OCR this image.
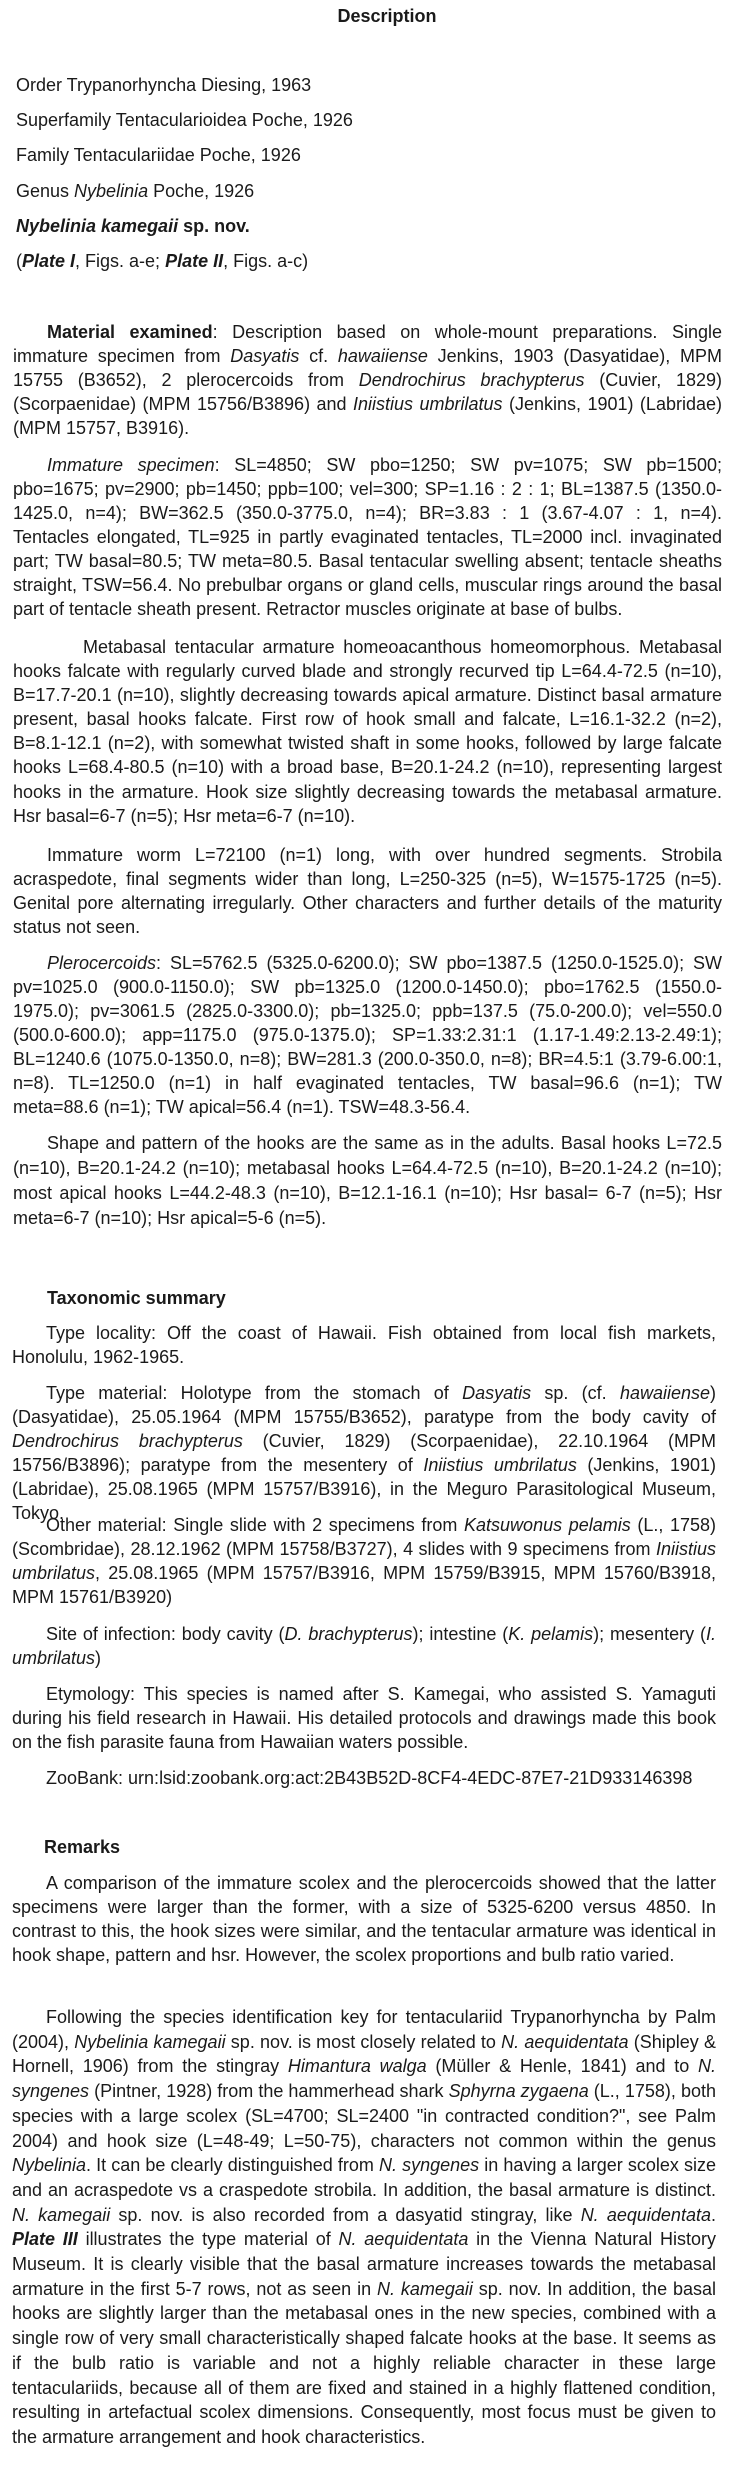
Description
Order Trypanorhyncha Diesing, 1963
Superfamily Tentacularioidea Poche, 1926
Family Tentaculariidae Poche, 1926
Genus Nybelinia Poche, 1926
Nybelinia kamegaii sp. nov.
(Plate I, Figs. a-e; Plate II, Figs. a-c)

Material examined: Description based on whole-mount preparations. Single immature specimen from Dasyatis cf. hawaiiense Jenkins, 1903 (Dasyatidae), MPM 15755 (B3652), 2 plerocercoids from Dendrochirus brachypterus (Cuvier, 1829) (Scorpaenidae) (MPM 15756/B3896) and Iniistius umbrilatus (Jenkins, 1901) (Labridae) (MPM 15757, B3916).

Immature specimen: SL=4850; SW pbo=1250; SW pv=1075; SW pb=1500; pbo=1675; pv=2900; pb=1450; ppb=100; vel=300; SP=1.16 : 2 : 1; BL=1387.5 (1350.0-1425.0, n=4); BW=362.5 (350.0-3775.0, n=4); BR=3.83 : 1 (3.67-4.07 : 1, n=4). Tentacles elongated, TL=925 in partly evaginated tentacles, TL=2000 incl. invaginated part; TW basal=80.5; TW meta=80.5. Basal tentacular swelling absent; tentacle sheaths straight, TSW=56.4. No prebulbar organs or gland cells, muscular rings around the basal part of tentacle sheath present. Retractor muscles originate at base of bulbs.

Metabasal tentacular armature homeoacanthous homeomorphous. Metabasal hooks falcate with regularly curved blade and strongly recurved tip L=64.4-72.5 (n=10), B=17.7-20.1 (n=10), slightly decreasing towards apical armature. Distinct basal armature present, basal hooks falcate. First row of hook small and falcate, L=16.1-32.2 (n=2), B=8.1-12.1 (n=2), with somewhat twisted shaft in some hooks, followed by large falcate hooks L=68.4-80.5 (n=10) with a broad base, B=20.1-24.2 (n=10), representing largest hooks in the armature. Hook size slightly decreasing towards the metabasal armature. Hsr basal=6-7 (n=5); Hsr meta=6-7 (n=10).

Immature worm L=72100 (n=1) long, with over hundred segments. Strobila acraspedote, final segments wider than long, L=250-325 (n=5), W=1575-1725 (n=5). Genital pore alternating irregularly. Other characters and further details of the maturity status not seen.

Plerocercoids: SL=5762.5 (5325.0-6200.0); SW pbo=1387.5 (1250.0-1525.0); SW pv=1025.0 (900.0-1150.0); SW pb=1325.0 (1200.0-1450.0); pbo=1762.5 (1550.0-1975.0); pv=3061.5 (2825.0-3300.0); pb=1325.0; ppb=137.5 (75.0-200.0); vel=550.0 (500.0-600.0); app=1175.0 (975.0-1375.0); SP=1.33:2.31:1 (1.17-1.49:2.13-2.49:1); BL=1240.6 (1075.0-1350.0, n=8); BW=281.3 (200.0-350.0, n=8); BR=4.5:1 (3.79-6.00:1, n=8). TL=1250.0 (n=1) in half evaginated tentacles, TW basal=96.6 (n=1); TW meta=88.6 (n=1); TW apical=56.4 (n=1). TSW=48.3-56.4.

Shape and pattern of the hooks are the same as in the adults. Basal hooks L=72.5 (n=10), B=20.1-24.2 (n=10); metabasal hooks L=64.4-72.5 (n=10), B=20.1-24.2 (n=10); most apical hooks L=44.2-48.3 (n=10), B=12.1-16.1 (n=10); Hsr basal= 6-7 (n=5); Hsr meta=6-7 (n=10); Hsr apical=5-6 (n=5).

Taxonomic summary

Type locality: Off the coast of Hawaii. Fish obtained from local fish markets, Honolulu, 1962-1965.

Type material: Holotype from the stomach of Dasyatis sp. (cf. hawaiiense) (Dasyatidae), 25.05.1964 (MPM 15755/B3652), paratype from the body cavity of Dendrochirus brachypterus (Cuvier, 1829) (Scorpaenidae), 22.10.1964 (MPM 15756/B3896); paratype from the mesentery of Iniistius umbrilatus (Jenkins, 1901) (Labridae), 25.08.1965 (MPM 15757/B3916), in the Meguro Parasitological Museum, Tokyo.

Other material: Single slide with 2 specimens from Katsuwonus pelamis (L., 1758) (Scombridae), 28.12.1962 (MPM 15758/B3727), 4 slides with 9 specimens from Iniistius umbrilatus, 25.08.1965 (MPM 15757/B3916, MPM 15759/B3915, MPM 15760/B3918, MPM 15761/B3920)

Site of infection: body cavity (D. brachypterus); intestine (K. pelamis); mesentery (I. umbrilatus)

Etymology: This species is named after S. Kamegai, who assisted S. Yamaguti during his field research in Hawaii. His detailed protocols and drawings made this book on the fish parasite fauna from Hawaiian waters possible.

ZooBank: urn:lsid:zoobank.org:act:2B43B52D-8CF4-4EDC-87E7-21D933146398

Remarks

A comparison of the immature scolex and the plerocercoids showed that the latter specimens were larger than the former, with a size of 5325-6200 versus 4850. In contrast to this, the hook sizes were similar, and the tentacular armature was identical in hook shape, pattern and hsr. However, the scolex proportions and bulb ratio varied.

Following the species identification key for tentaculariid Trypanorhyncha by Palm (2004), Nybelinia kamegaii sp. nov. is most closely related to N. aequidentata (Shipley & Hornell, 1906) from the stingray Himantura walga (Müller & Henle, 1841) and to N. syngenes (Pintner, 1928) from the hammerhead shark Sphyrna zygaena (L., 1758), both species with a large scolex (SL=4700; SL=2400 "in contracted condition?", see Palm 2004) and hook size (L=48-49; L=50-75), characters not common within the genus Nybelinia. It can be clearly distinguished from N. syngenes in having a larger scolex size and an acraspedote vs a craspedote strobila. In addition, the basal armature is distinct. N. kamegaii sp. nov. is also recorded from a dasyatid stingray, like N. aequidentata. Plate III illustrates the type material of N. aequidentata in the Vienna Natural History Museum. It is clearly visible that the basal armature increases towards the metabasal armature in the first 5-7 rows, not as seen in N. kamegaii sp. nov. In addition, the basal hooks are slightly larger than the metabasal ones in the new species, combined with a single row of very small characteristically shaped falcate hooks at the base. It seems as if the bulb ratio is variable and not a highly reliable character in these large tentaculariids, because all of them are fixed and stained in a highly flattened condition, resulting in artefactual scolex dimensions. Consequently, most focus must be given to the armature arrangement and hook characteristics.
